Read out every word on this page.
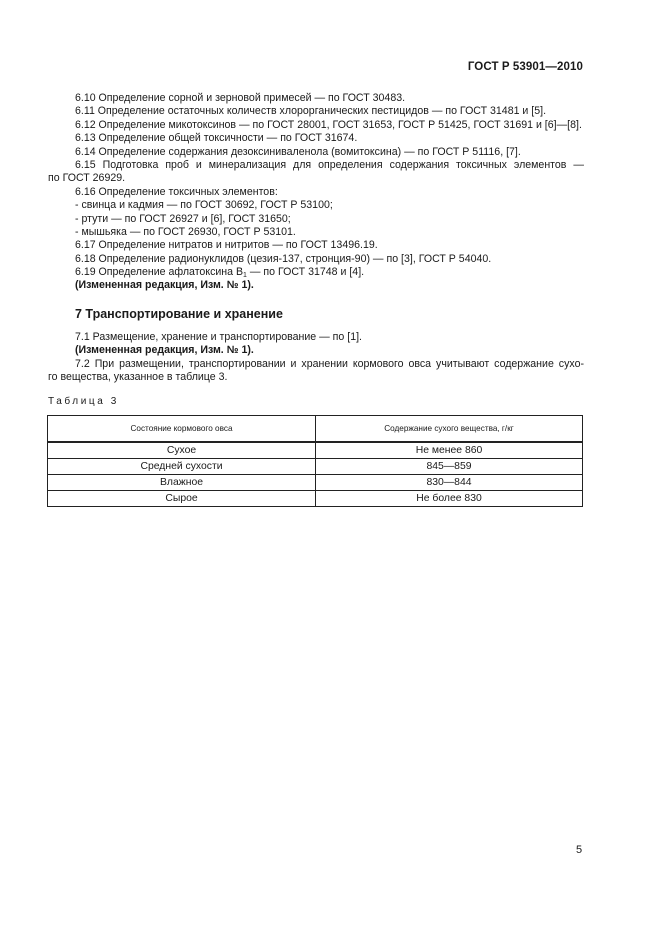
ГОСТ Р 53901—2010
6.10 Определение сорной и зерновой примесей — по ГОСТ 30483.
6.11 Определение остаточных количеств хлорорганических пестицидов — по ГОСТ 31481 и [5].
6.12 Определение микотоксинов — по ГОСТ 28001, ГОСТ 31653, ГОСТ Р 51425, ГОСТ 31691 и [6]—[8].
6.13 Определение общей токсичности — по ГОСТ 31674.
6.14 Определение содержания дезоксиниваленола (вомитоксина) — по ГОСТ Р 51116, [7].
6.15 Подготовка проб и минерализация для определения содержания токсичных элементов —
по ГОСТ 26929.
6.16 Определение токсичных элементов:
- свинца и кадмия — по ГОСТ 30692, ГОСТ Р 53100;
- ртути — по ГОСТ 26927 и [6], ГОСТ 31650;
- мышьяка — по ГОСТ 26930, ГОСТ Р 53101.
6.17 Определение нитратов и нитритов — по ГОСТ 13496.19.
6.18 Определение радионуклидов (цезия-137, стронция-90) — по [3], ГОСТ Р 54040.
6.19 Определение афлатоксина $B_1$ — по ГОСТ 31748 и [4].
(Измененная редакция, Изм. № 1).
7 Транспортирование и хранение
7.1 Размещение, хранение и транспортирование — по [1].
(Измененная редакция, Изм. № 1).
7.2 При размещении, транспортировании и хранении кормового овса учитывают содержание сухо-
го вещества, указанное в таблице 3.
Таблица 3
Состояние кормового овса	Содержание сухого вещества, г/кг
Сухое	Не менее 860
Средней сухости	845—859
Влажное	830—844
Сырое	Не более 830
5
